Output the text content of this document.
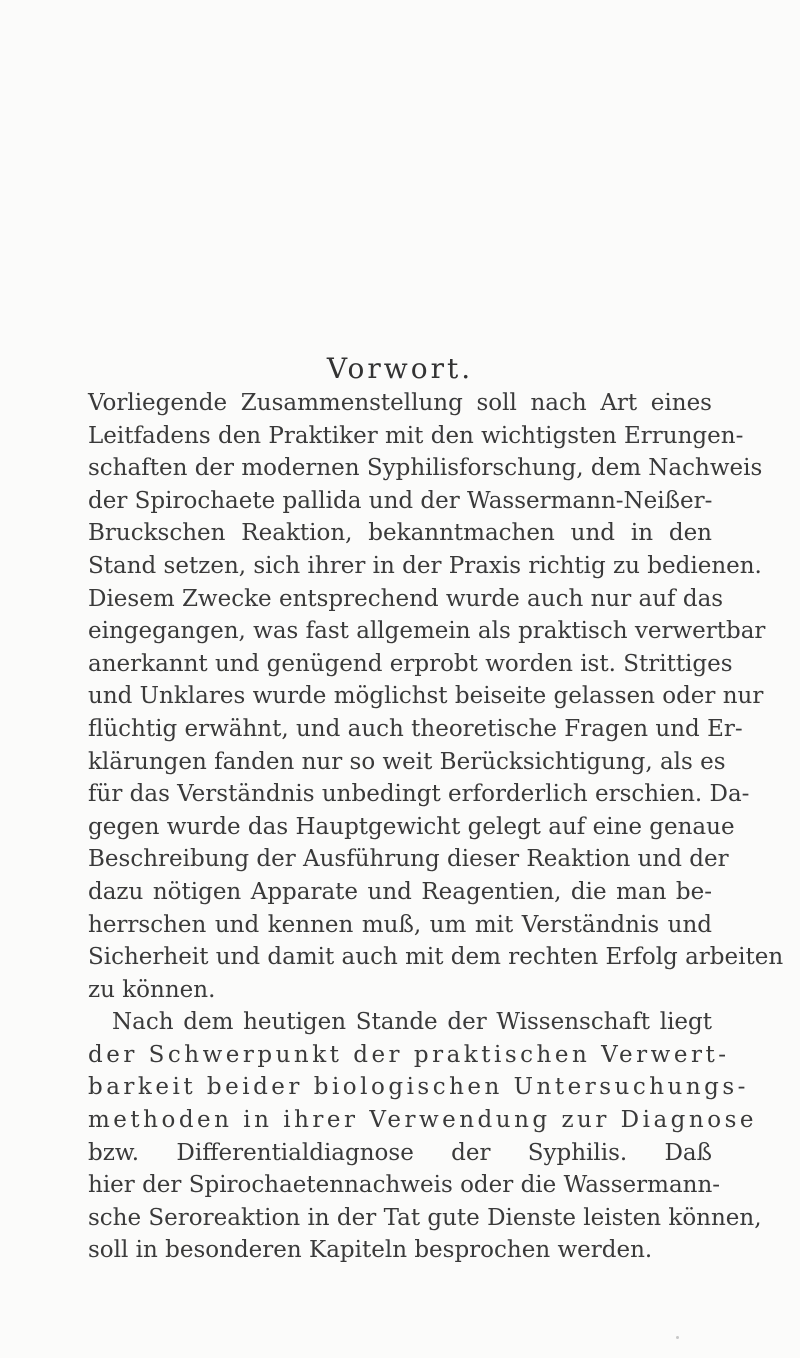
Vorwort.
Vorliegende Zusammenstellung soll nach Art eines
Leitfadens den Praktiker mit den wichtigsten Errungen-
schaften der modernen Syphilisforschung, dem Nachweis
der Spirochaete pallida und der Wassermann-Neißer-
Bruckschen Reaktion, bekanntmachen und in den
Stand setzen, sich ihrer in der Praxis richtig zu bedienen.
Diesem Zwecke entsprechend wurde auch nur auf das
eingegangen, was fast allgemein als praktisch verwertbar
anerkannt und genügend erprobt worden ist. Strittiges
und Unklares wurde möglichst beiseite gelassen oder nur
flüchtig erwähnt, und auch theoretische Fragen und Er-
klärungen fanden nur so weit Berücksichtigung, als es
für das Verständnis unbedingt erforderlich erschien. Da-
gegen wurde das Hauptgewicht gelegt auf eine genaue
Beschreibung der Ausführung dieser Reaktion und der
dazu nötigen Apparate und Reagentien, die man be-
herrschen und kennen muß, um mit Verständnis und
Sicherheit und damit auch mit dem rechten Erfolg arbeiten
zu können.
Nach dem heutigen Stande der Wissenschaft liegt
der Schwerpunkt der praktischen Verwert-
barkeit beider biologischen Untersuchungs-
methoden in ihrer Verwendung zur Diagnose
bzw. Differentialdiagnose der Syphilis. Daß
hier der Spirochaetennachweis oder die Wassermann-
sche Seroreaktion in der Tat gute Dienste leisten können,
soll in besonderen Kapiteln besprochen werden.
